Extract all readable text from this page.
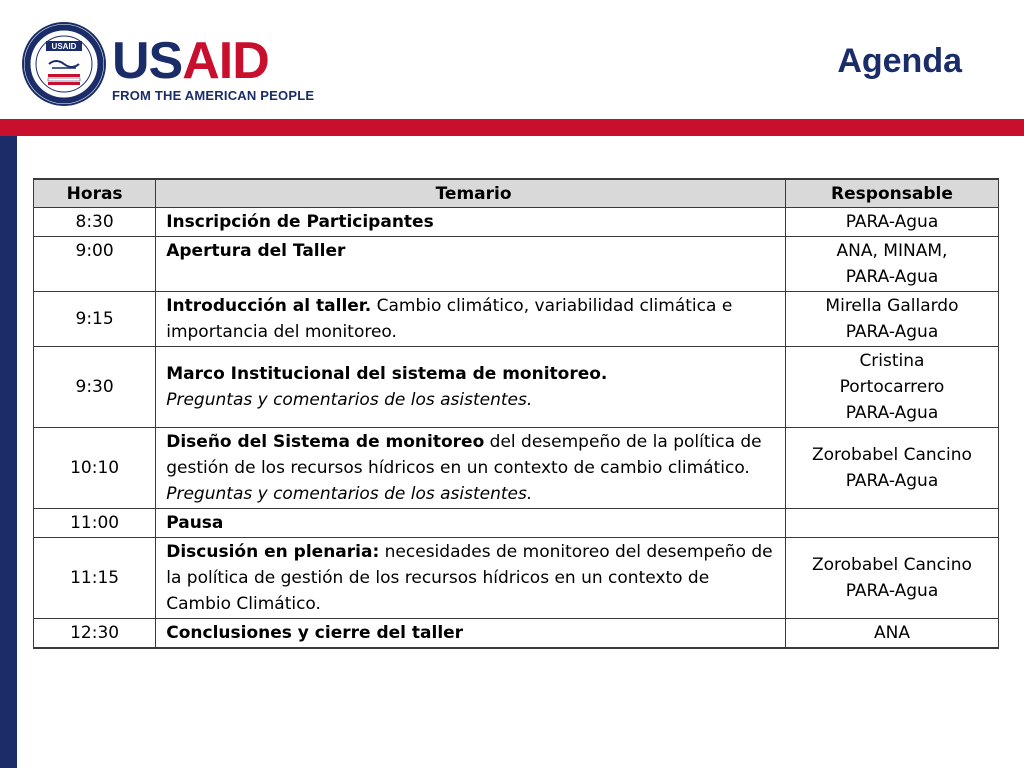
USAID USAID
FROM THE AMERICAN PEOPLE
Agenda
Horas	Temario	Responsable
8:30	Inscripción de Participantes	PARA-Agua
9:00	Apertura del Taller	ANA, MINAM,
PARA-Agua
9:15	Introducción al taller. Cambio climático, variabilidad climática e importancia del monitoreo.	Mirella Gallardo
PARA-Agua
9:30	Marco Institucional del sistema de monitoreo.
Preguntas y comentarios de los asistentes.	Cristina
Portocarrero
PARA-Agua
10:10	Diseño del Sistema de monitoreo del desempeño de la política de gestión de los recursos hídricos en un contexto de cambio climático. Preguntas y comentarios de los asistentes.	Zorobabel Cancino
PARA-Agua
11:00	Pausa	
11:15	Discusión en plenaria: necesidades de monitoreo del desempeño de la política de gestión de los recursos hídricos en un contexto de Cambio Climático.	Zorobabel Cancino
PARA-Agua
12:30	Conclusiones y cierre del taller	ANA
